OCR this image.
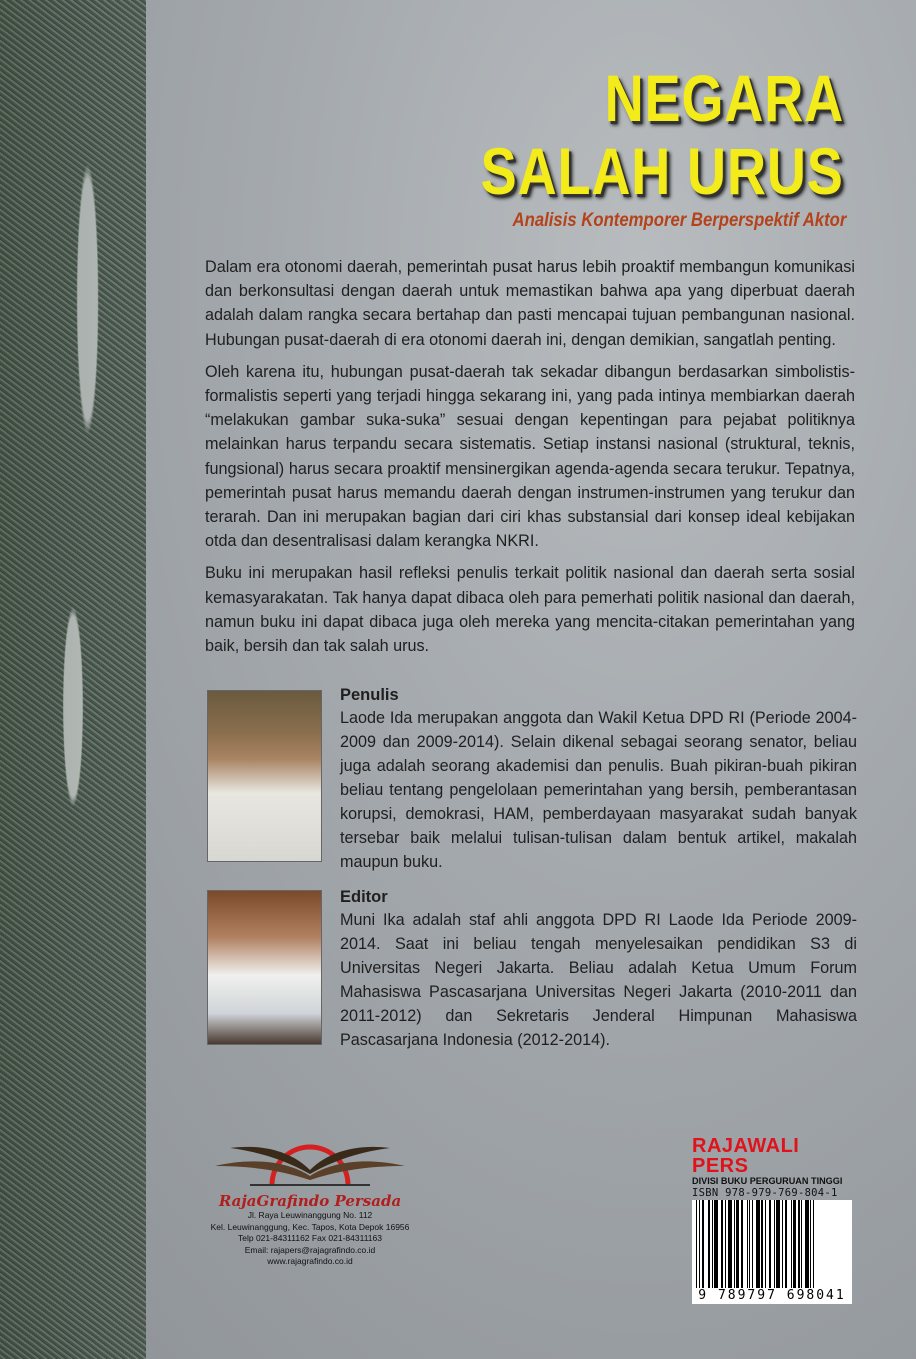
NEGARA
SALAH URUS
Analisis Kontemporer Berperspektif Aktor

Dalam era otonomi daerah, pemerintah pusat harus lebih proaktif membangun komunikasi dan berkonsultasi dengan daerah untuk memastikan bahwa apa yang diperbuat daerah adalah dalam rangka secara bertahap dan pasti mencapai tujuan pembangunan nasional. Hubungan pusat-daerah di era otonomi daerah ini, dengan demikian, sangatlah penting.

Oleh karena itu, hubungan pusat-daerah tak sekadar dibangun berdasarkan simbolistis-formalistis seperti yang terjadi hingga sekarang ini, yang pada intinya membiarkan daerah “melakukan gambar suka-suka” sesuai dengan kepentingan para pejabat politiknya melainkan harus terpandu secara sistematis. Setiap instansi nasional (struktural, teknis, fungsional) harus secara proaktif mensinergikan agenda-agenda secara terukur. Tepatnya, pemerintah pusat harus memandu daerah dengan instrumen-instrumen yang terukur dan terarah. Dan ini merupakan bagian dari ciri khas substansial dari konsep ideal kebijakan otda dan desentralisasi dalam kerangka NKRI.

Buku ini merupakan hasil refleksi penulis terkait politik nasional dan daerah serta sosial kemasyarakatan. Tak hanya dapat dibaca oleh para pemerhati politik nasional dan daerah, namun buku ini dapat dibaca juga oleh mereka yang mencita-citakan pemerintahan yang baik, bersih dan tak salah urus.

Penulis
Laode Ida merupakan anggota dan Wakil Ketua DPD RI (Periode 2004-2009 dan 2009-2014). Selain dikenal sebagai seorang senator, beliau juga adalah seorang akademisi dan penulis. Buah pikiran-buah pikiran beliau tentang pengelolaan pemerintahan yang bersih, pemberantasan korupsi, demokrasi, HAM, pemberdayaan masyarakat sudah banyak tersebar baik melalui tulisan-tulisan dalam bentuk artikel, makalah maupun buku.
Editor
Muni Ika adalah staf ahli anggota DPD RI Laode Ida Periode 2009-2014. Saat ini beliau tengah menyelesaikan pendidikan S3 di Universitas Negeri Jakarta. Beliau adalah Ketua Umum Forum Mahasiswa Pascasarjana Universitas Negeri Jakarta (2010-2011 dan 2011-2012) dan Sekretaris Jenderal Himpunan Mahasiswa Pascasarjana Indonesia (2012-2014).
RajaGrafindo Persada
Jl. Raya Leuwinanggung No. 112
Kel. Leuwinanggung, Kec. Tapos, Kota Depok 16956
Telp 021-84311162 Fax 021-84311163
Email: rajapers@rajagrafindo.co.id
www.rajagrafindo.co.id
RAJAWALI PERS
DIVISI BUKU PERGURUAN TINGGI
ISBN 978-979-769-804-1
9 789797 698041
